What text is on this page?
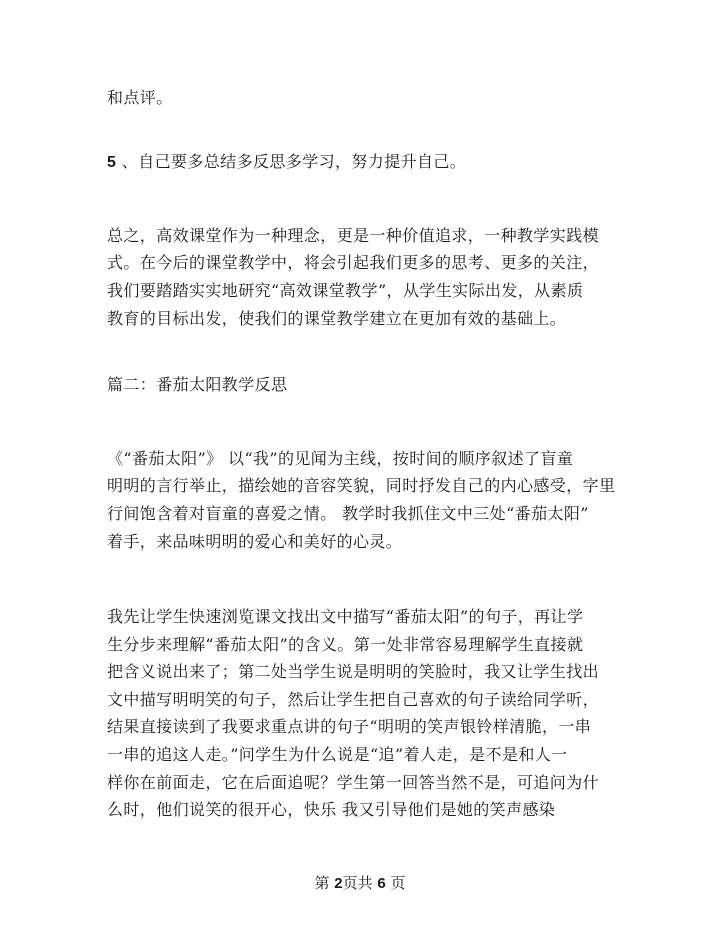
和点评。
5 、自己要多总结多反思多学习，努力提升自己。
总之，高效课堂作为一种理念，更是一种价值追求，一种教学实践模
式。在今后的课堂教学中，将会引起我们更多的思考、更多的关注，
我们要踏踏实实地研究“高效课堂教学”，从学生实际出发，从素质
教育的目标出发，使我们的课堂教学建立在更加有效的基础上。
篇二：番茄太阳教学反思
《“番茄太阳”》 以“我”的见闻为主线，按时间的顺序叙述了盲童
明明的言行举止，描绘她的音容笑貌，同时抒发自己的内心感受，字里
行间饱含着对盲童的喜爱之情。 教学时我抓住文中三处“番茄太阳”
着手，来品味明明的爱心和美好的心灵。
我先让学生快速浏览课文找出文中描写“番茄太阳”的句子，再让学
生分步来理解“番茄太阳”的含义。第一处非常容易理解学生直接就
把含义说出来了；第二处当学生说是明明的笑脸时，我又让学生找出
文中描写明明笑的句子，然后让学生把自己喜欢的句子读给同学听，
结果直接读到了我要求重点讲的句子“明明的笑声银铃样清脆，一串
一串的追这人走。”问学生为什么说是“追”着人走，是不是和人一
样你在前面走，它在后面追呢？学生第一回答当然不是，可追问为什
么时，他们说笑的很开心，快乐 我又引导他们是她的笑声感染
第 2页共 6 页
